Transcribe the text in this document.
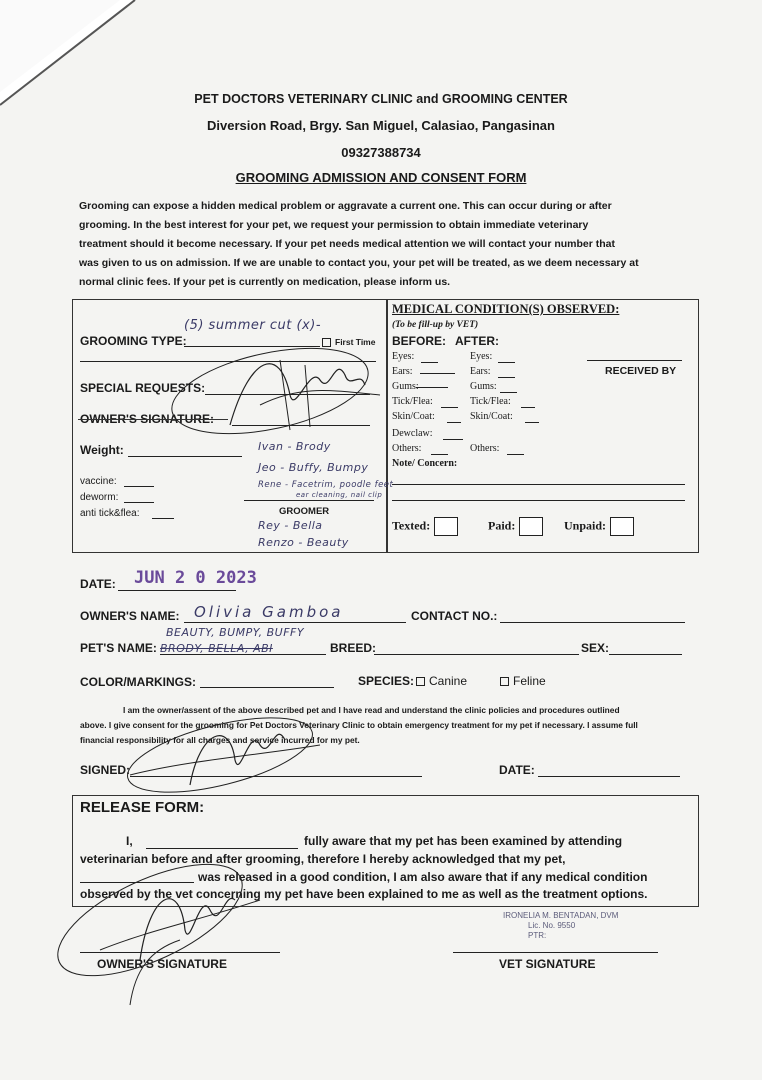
PET DOCTORS VETERINARY CLINIC and GROOMING CENTER
Diversion Road, Brgy. San Miguel, Calasiao, Pangasinan
09327388734
GROOMING ADMISSION AND CONSENT FORM
Grooming can expose a hidden medical problem or aggravate a current one. This can occur during or after
grooming. In the best interest for your pet, we request your permission to obtain immediate veterinary
treatment should it become necessary. If your pet needs medical attention we will contact your number that
was given to us on admission. If we are unable to contact you, your pet will be treated, as we deem necessary at
normal clinic fees. If your pet is currently on medication, please inform us.
GROOMING TYPE:
(5) summer cut (x)-
First Time
SPECIAL REQUESTS:
OWNER'S SIGNATURE:
Weight:	Ivan - Brody
Jeo - Buffy, Bumpy
Rene - Facetrim, poodle feet
ear cleaning, nail clip
vaccine:
deworm:
anti tick&flea:	GROOMER
Rey - Bella
Renzo - Beauty
MEDICAL CONDITION(S) OBSERVED:
(To be fill-up by VET)
BEFORE: AFTER:
Eyes:	Eyes:
Ears:	Ears:
Gums:	Gums:
Tick/Flea:	Tick/Flea:
Skin/Coat:	Skin/Coat:
Dewclaw:
Others:	Others:
Note/ Concern:
RECEIVED BY
Texted:	Paid:	Unpaid:
DATE: JUN 2 0 2023
OWNER'S NAME: Olivia Gamboa	CONTACT NO.:
BEAUTY, BUMPY, BUFFY
PET'S NAME: BRODY, BELLA, ABI	BREED:	SEX:
COLOR/MARKINGS:	SPECIES:	Canine	Feline
I am the owner/assent of the above described pet and I have read and understand the clinic policies and procedures outlined
above. I give consent for the grooming for Pet Doctors Veterinary Clinic to obtain emergency treatment for my pet if necessary. I assume full
financial responsibility for all charges and service incurred for my pet.
SIGNED:	DATE:
RELEASE FORM:
I,	fully aware that my pet has been examined by attending
veterinarian before and after grooming, therefore I hereby acknowledged that my pet,
was released in a good condition, I am also aware that if any medical condition
observed by the vet concerning my pet have been explained to me as well as the treatment options.
IRONELIA M. BENTADAN, DVM
Lic. No. 9550
PTR:
OWNER'S SIGNATURE	VET SIGNATURE
